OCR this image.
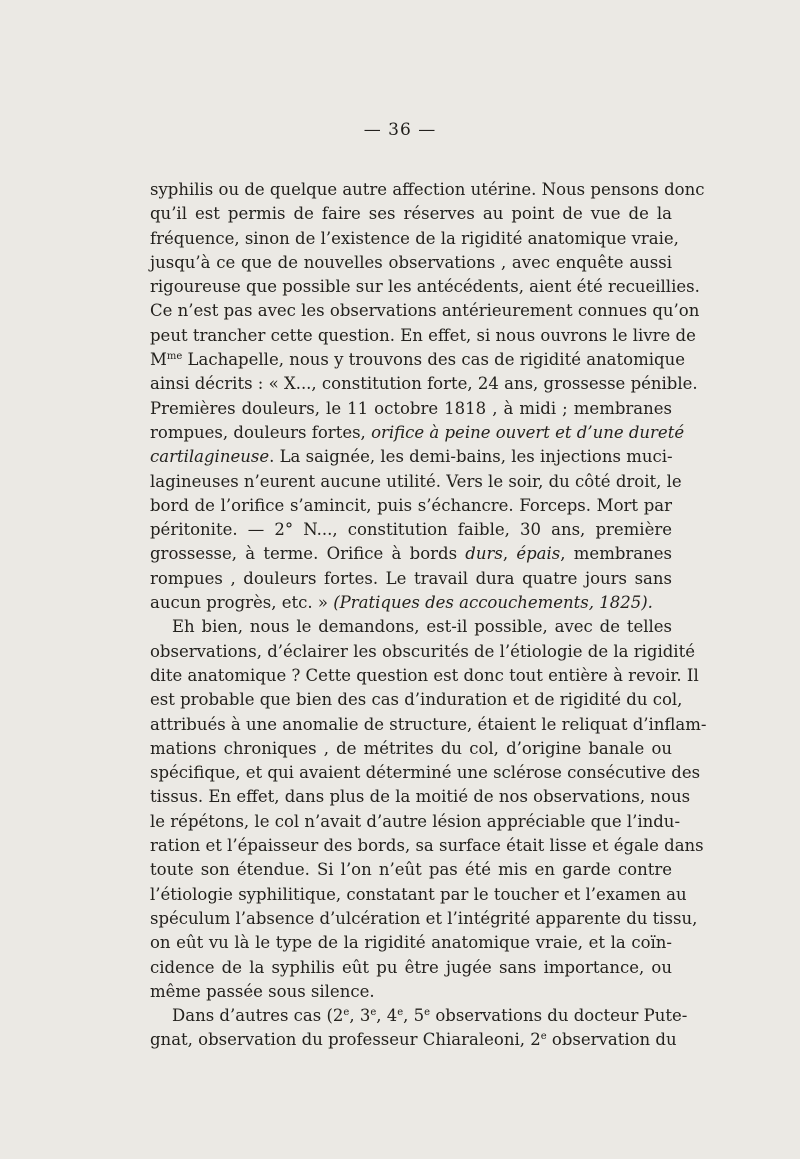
— 36 —
syphilis ou de quelque autre affection utérine. Nous pensons donc
qu’il est permis de faire ses réserves au point de vue de la
fréquence, sinon de l’existence de la rigidité anatomique vraie,
jusqu’à ce que de nouvelles observations , avec enquête aussi
rigoureuse que possible sur les antécédents, aient été recueillies.
Ce n’est pas avec les observations antérieurement connues qu’on
peut trancher cette question. En effet, si nous ouvrons le livre de
$M^{me}$ Lachapelle, nous y trouvons des cas de rigidité anatomique
ainsi décrits : « X..., constitution forte, 24 ans, grossesse pénible.
Premières douleurs, le 11 octobre 1818 , à midi ; membranes
rompues, douleurs fortes, orifice à peine ouvert et d’une dureté
cartilagineuse. La saignée, les demi-bains, les injections muci-
lagineuses n’eurent aucune utilité. Vers le soir, du côté droit, le
bord de l’orifice s’amincit, puis s’échancre. Forceps. Mort par
péritonite. — 2° N..., constitution faible, 30 ans, première
grossesse, à terme. Orifice à bords durs, épais, membranes
rompues , douleurs fortes. Le travail dura quatre jours sans
aucun progrès, etc. » (Pratiques des accouchements, 1825).
Eh bien, nous le demandons, est-il possible, avec de telles
observations, d’éclairer les obscurités de l’étiologie de la rigidité
dite anatomique ? Cette question est donc tout entière à revoir. Il
est probable que bien des cas d’induration et de rigidité du col,
attribués à une anomalie de structure, étaient le reliquat d’inflam-
mations chroniques , de métrites du col, d’origine banale ou
spécifique, et qui avaient déterminé une sclérose consécutive des
tissus. En effet, dans plus de la moitié de nos observations, nous
le répétons, le col n’avait d’autre lésion appréciable que l’indu-
ration et l’épaisseur des bords, sa surface était lisse et égale dans
toute son étendue. Si l’on n’eût pas été mis en garde contre
l’étiologie syphilitique, constatant par le toucher et l’examen au
spéculum l’absence d’ulcération et l’intégrité apparente du tissu,
on eût vu là le type de la rigidité anatomique vraie, et la coïn-
cidence de la syphilis eût pu être jugée sans importance, ou
même passée sous silence.
Dans d’autres cas (2e, 3e, 4e, 5e observations du docteur Pute-
gnat, observation du professeur Chiaraleoni, 2e observation du
